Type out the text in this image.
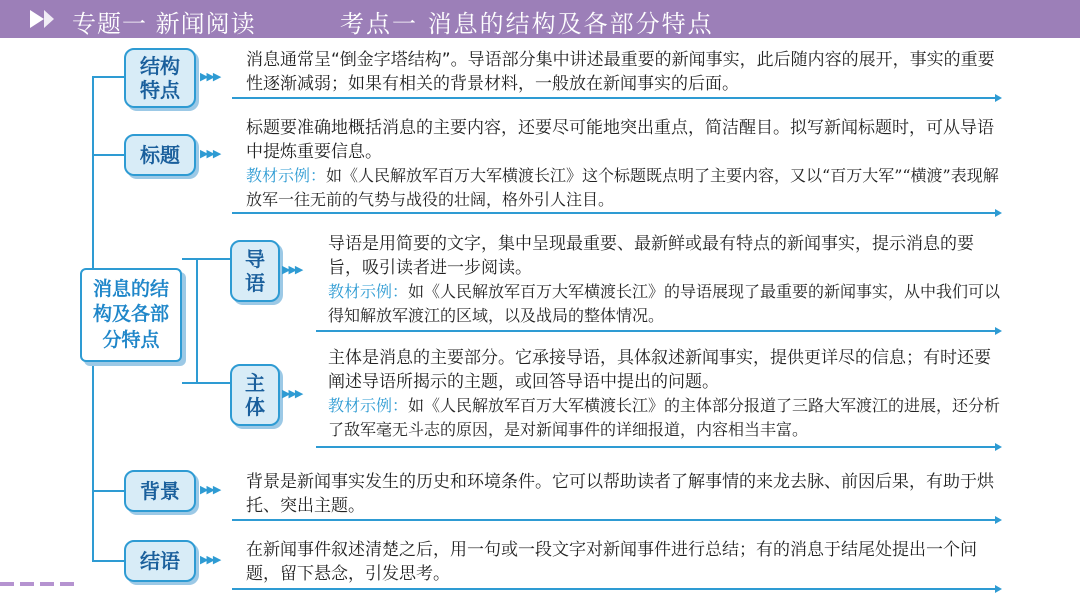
专题一 新闻阅读	考点一 消息的结构及各部分特点
消息的结构及各部分特点
结构特点
▶▶▶
消息通常呈“倒金字塔结构”。导语部分集中讲述最重要的新闻事实，此后随内容的展开，事实的重要性逐渐减弱；如果有相关的背景材料，一般放在新闻事实的后面。
标题 ▶▶▶
标题要准确地概括消息的主要内容，还要尽可能地突出重点，简洁醒目。拟写新闻标题时，可从导语中提炼重要信息。
教材示例：如《人民解放军百万大军横渡长江》这个标题既点明了主要内容，又以“百万大军”“横渡”表现解放军一往无前的气势与战役的壮阔，格外引人注目。
导语
▶▶▶
导语是用简要的文字，集中呈现最重要、最新鲜或最有特点的新闻事实，提示消息的要旨，吸引读者进一步阅读。
教材示例：如《人民解放军百万大军横渡长江》的导语展现了最重要的新闻事实，从中我们可以得知解放军渡江的区域，以及战局的整体情况。
主体
▶▶▶
主体是消息的主要部分。它承接导语，具体叙述新闻事实，提供更详尽的信息；有时还要阐述导语所揭示的主题，或回答导语中提出的问题。
教材示例：如《人民解放军百万大军横渡长江》的主体部分报道了三路大军渡江的进展，还分析了敌军毫无斗志的原因，是对新闻事件的详细报道，内容相当丰富。
背景 ▶▶▶ 背景是新闻事实发生的历史和环境条件。它可以帮助读者了解事情的来龙去脉、前因后果，有助于烘托、突出主题。
结语 ▶▶▶ 在新闻事件叙述清楚之后，用一句或一段文字对新闻事件进行总结；有的消息于结尾处提出一个问题，留下悬念，引发思考。
